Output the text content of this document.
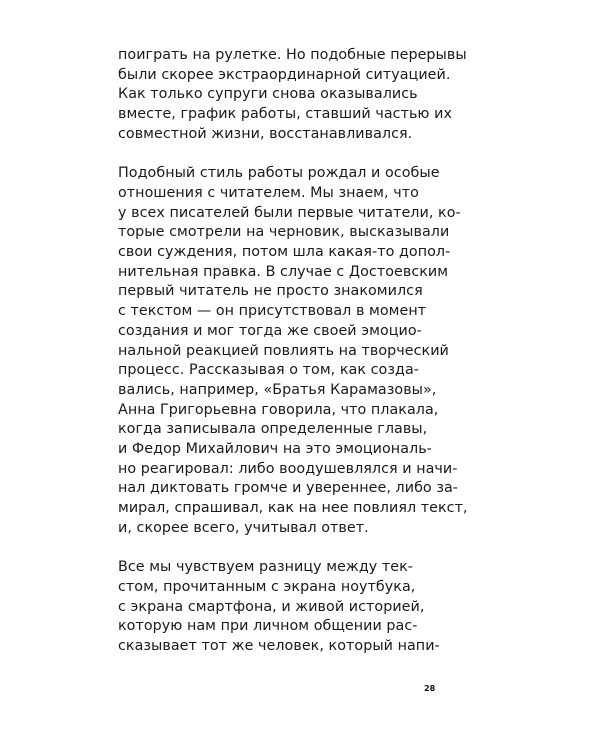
поиграть на рулетке. Но подобные перерывы
были скорее экстраординарной ситуацией.
Как только супруги снова оказывались
вместе, график работы, ставший частью их
совместной жизни, восстанавливался.

Подобный стиль работы рождал и особые
отношения с читателем. Мы знаем, что
у всех писателей были первые читатели, ко-
торые смотрели на черновик, высказывали
свои суждения, потом шла какая-то допол-
нительная правка. В случае с Достоевским
первый читатель не просто знакомился
с текстом — он присутствовал в момент
создания и мог тогда же своей эмоцио-
нальной реакцией повлиять на творческий
процесс. Рассказывая о том, как созда-
вались, например, «Братья Карамазовы»,
Анна Григорьевна говорила, что плакала,
когда записывала определенные главы,
и Федор Михайлович на это эмоциональ-
но реагировал: либо воодушевлялся и начи-
нал диктовать громче и увереннее, либо за-
мирал, спрашивал, как на нее повлиял текст,
и, скорее всего, учитывал ответ.

Все мы чувствуем разницу между тек-
стом, прочитанным с экрана ноутбука,
с экрана смартфона, и живой историей,
которую нам при личном общении рас-
сказывает тот же человек, который напи-

28
